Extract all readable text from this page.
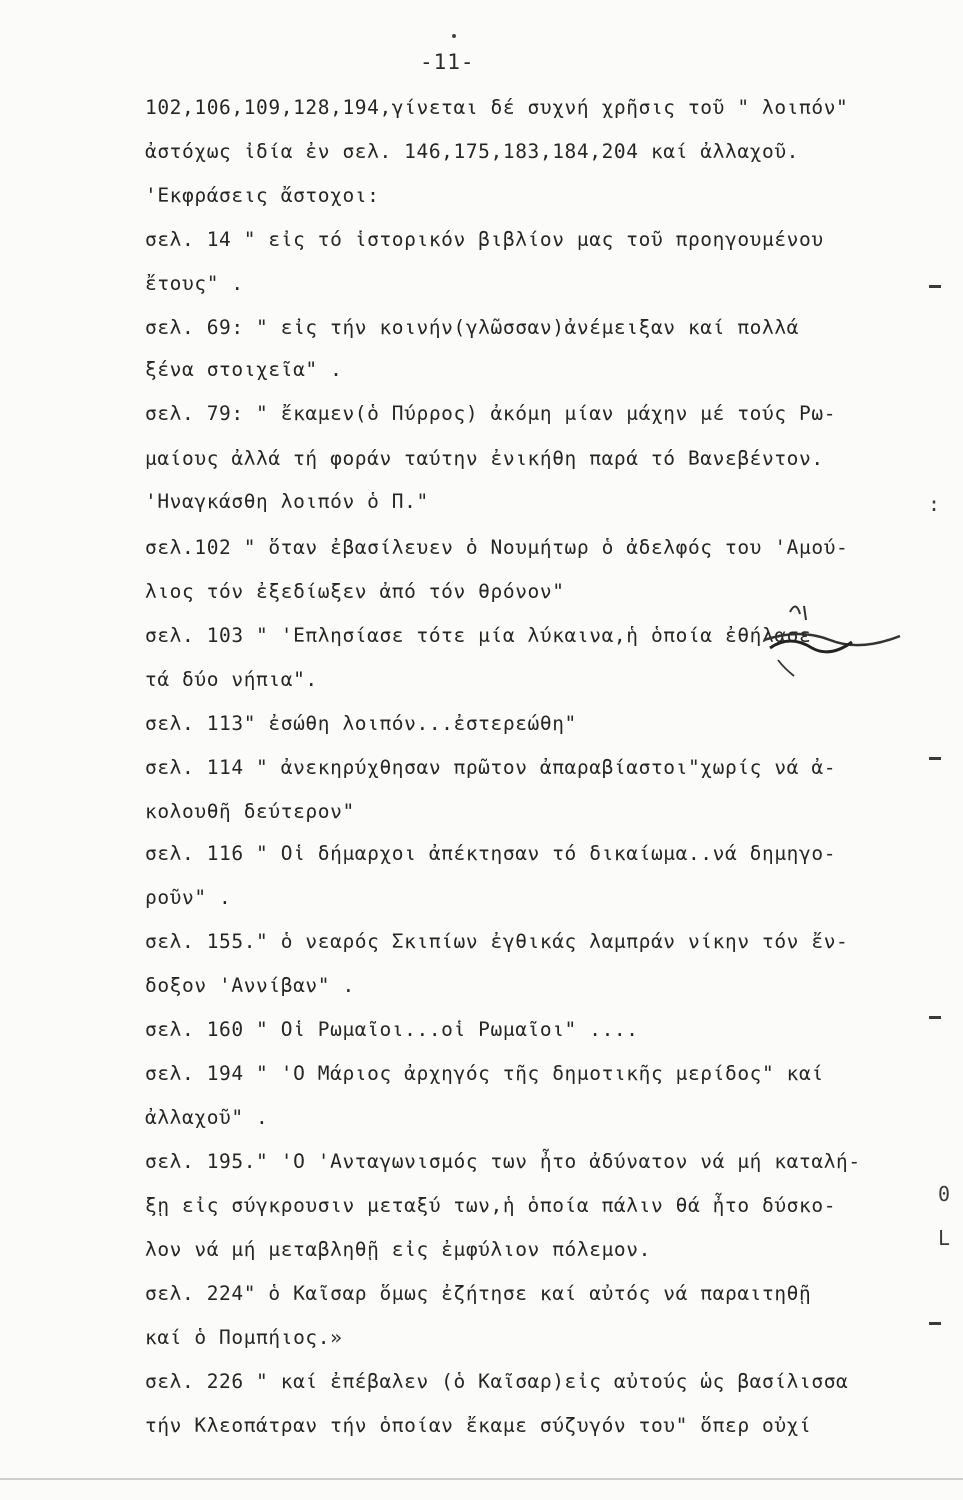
-11-
102,106,109,128,194,γίνεται δέ συχνή χρῆσις τοῦ " λοιπόν"
ἀστόχως ἰδία ἐν σελ. 146,175,183,184,204 καί ἀλλαχοῦ.
'Εκφράσεις ἄστοχοι:
σελ. 14 " εἰς τό ἱστορικόν βιβλίον μας τοῦ προηγουμένου
ἔτους" .
σελ. 69: " εἰς τήν κοινήν(γλῶσσαν)ἀνέμειξαν καί πολλά
ξένα στοιχεῖα" .
σελ. 79: " ἔκαμεν(ὁ Πύρρος) ἀκόμη μίαν μάχην μέ τούς Ρω-
μαίους ἀλλά τή φοράν ταύτην ἐνικήθη παρά τό Βανεβέντον.
'Ηναγκάσθη λοιπόν ὁ Π."
σελ.102 " ὅταν ἐβασίλευεν ὁ Νουμήτωρ ὁ ἀδελφός του 'Αμού-
λιος τόν ἐξεδίωξεν ἀπό τόν θρόνον"
σελ. 103 " 'Επλησίασε τότε μία λύκαινα,ἡ ὁποία ἐθήλασε
τά δύο νήπια".
σελ. 113" ἐσώθη λοιπόν...ἐστερεώθη"
σελ. 114 " ἀνεκηρύχθησαν πρῶτον ἀπαραβίαστοι"χωρίς νά ἀ-
κολουθῆ δεύτερον"
σελ. 116 " Οἱ δήμαρχοι ἀπέκτησαν τό δικαίωμα..νά δημηγο-
ροῦν" .
σελ. 155." ὁ νεαρός Σκιπίων ἐγθικάς λαμπράν νίκην τόν ἔν-
δοξον 'Αννίβαν" .
σελ. 160 " Οἱ Ρωμαῖοι...οἱ Ρωμαῖοι" ....
σελ. 194 " 'Ο Μάριος ἀρχηγός τῆς δημοτικῆς μερίδος" καί
ἀλλαχοῦ" .
σελ. 195." 'Ο 'Ανταγωνισμός των ἦτο ἀδύνατον νά μή καταλή-
ξῃ εἰς σύγκρουσιν μεταξύ των,ἡ ὁποία πάλιν θά ἦτο δύσκο-
λον νά μή μεταβληθῇ εἰς ἐμφύλιον πόλεμον.
σελ. 224" ὁ Καῖσαρ ὅμως ἐζήτησε καί αὐτός νά παραιτηθῇ
καί ὁ Πομπήιος.»
σελ. 226 " καί ἐπέβαλεν (ὁ Καῖσαρ)εἰς αὐτούς ὡς βασίλισσα
τήν Κλεοπάτραν τήν ὁποίαν ἔκαμε σύζυγόν του" ὅπερ οὐχί
:
0
L
